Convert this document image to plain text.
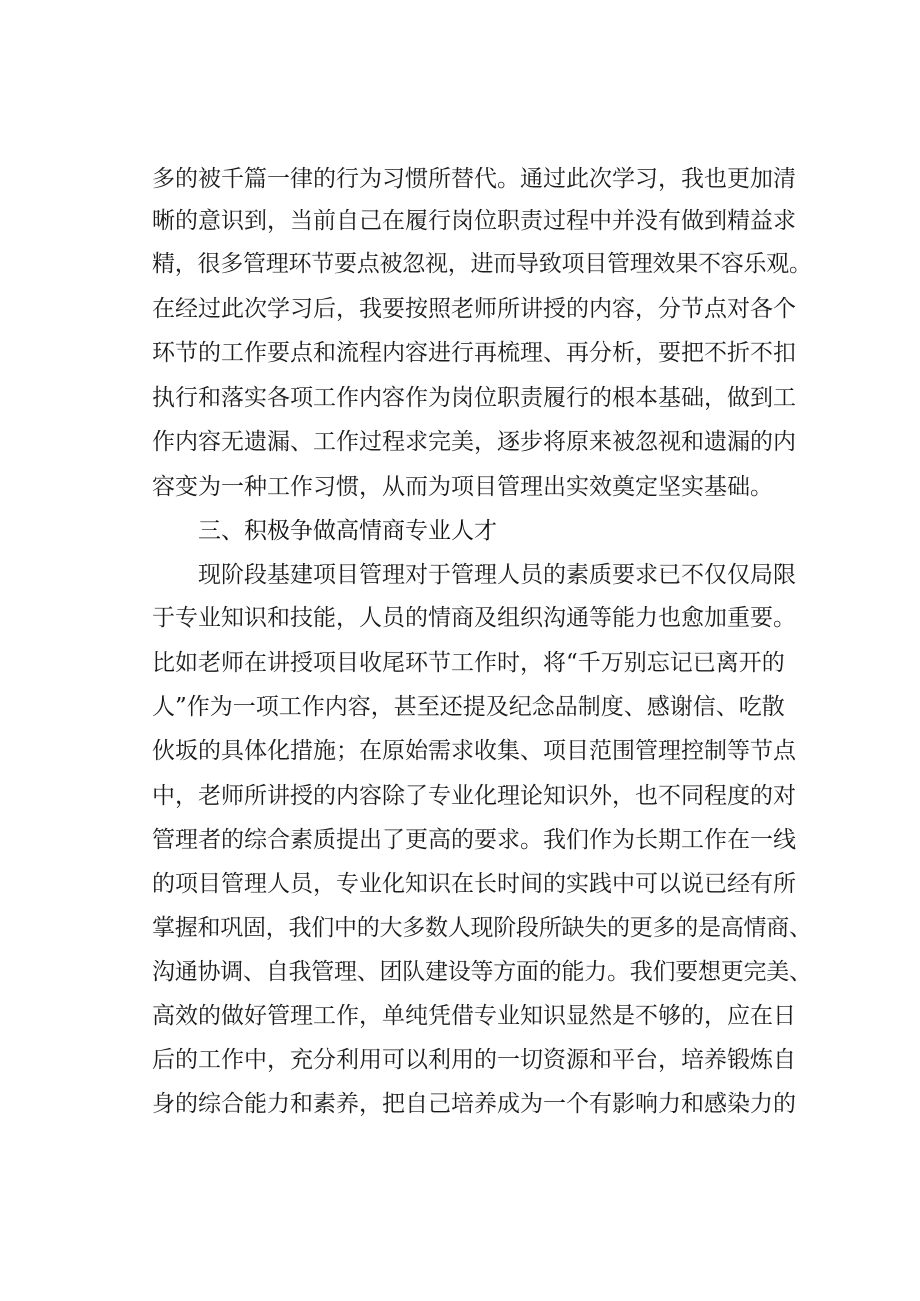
多的被千篇一律的行为习惯所替代。通过此次学习，我也更加清
晰的意识到，当前自己在履行岗位职责过程中并没有做到精益求
精，很多管理环节要点被忽视，进而导致项目管理效果不容乐观。
在经过此次学习后，我要按照老师所讲授的内容，分节点对各个
环节的工作要点和流程内容进行再梳理、再分析，要把不折不扣
执行和落实各项工作内容作为岗位职责履行的根本基础，做到工
作内容无遗漏、工作过程求完美，逐步将原来被忽视和遗漏的内
容变为一种工作习惯，从而为项目管理出实效奠定坚实基础。
三、积极争做高情商专业人才
现阶段基建项目管理对于管理人员的素质要求已不仅仅局限
于专业知识和技能，人员的情商及组织沟通等能力也愈加重要。
比如老师在讲授项目收尾环节工作时，将“千万别忘记已离开的
人”作为一项工作内容，甚至还提及纪念品制度、感谢信、吃散
伙坂的具体化措施；在原始需求收集、项目范围管理控制等节点
中，老师所讲授的内容除了专业化理论知识外，也不同程度的对
管理者的综合素质提出了更高的要求。我们作为长期工作在一线
的项目管理人员，专业化知识在长时间的实践中可以说已经有所
掌握和巩固，我们中的大多数人现阶段所缺失的更多的是高情商、
沟通协调、自我管理、团队建设等方面的能力。我们要想更完美、
高效的做好管理工作，单纯凭借专业知识显然是不够的，应在日
后的工作中，充分利用可以利用的一切资源和平台，培养锻炼自
身的综合能力和素养，把自己培养成为一个有影响力和感染力的
